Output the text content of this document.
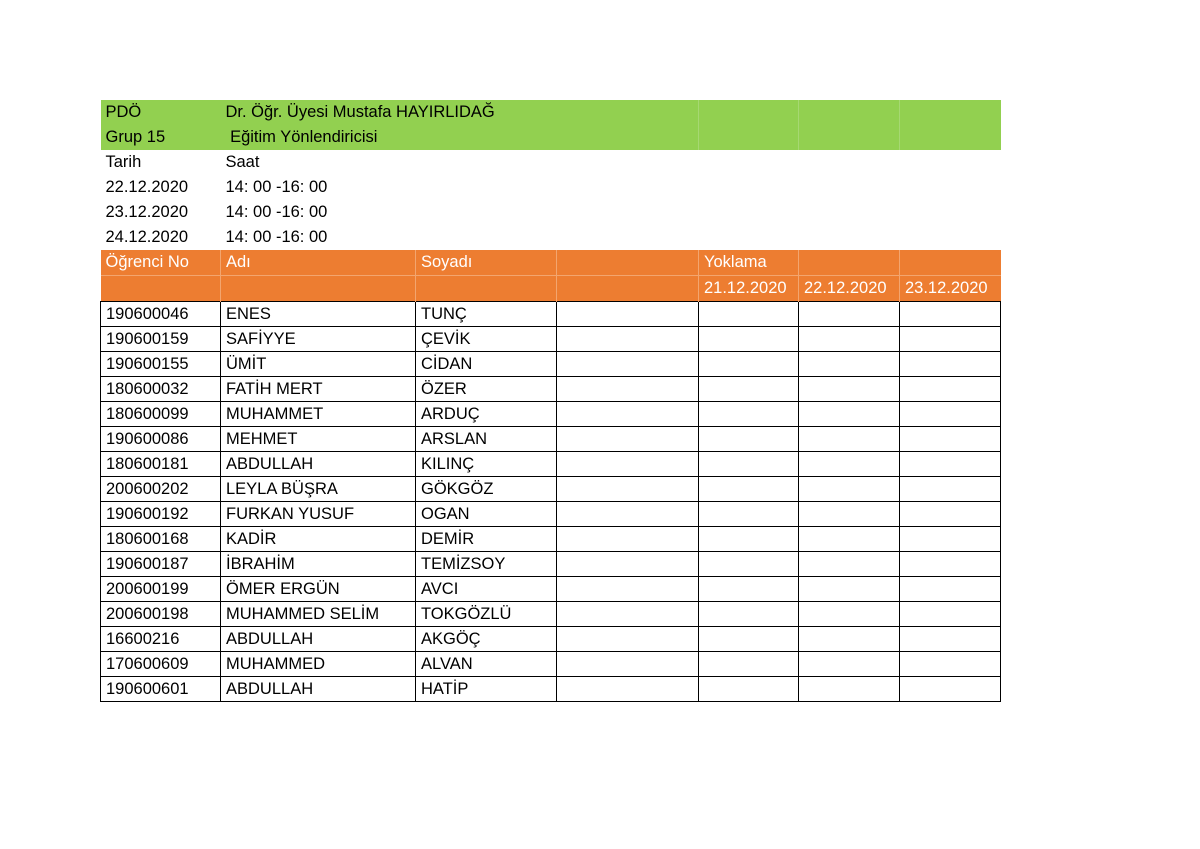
PDÖ	Dr. Öğr. Üyesi Mustafa HAYIRLIDAĞ					
Grup 15	Eğitim Yönlendiricisi					
Tarih	Saat					
22.12.2020	14: 00 -16: 00					
23.12.2020	14: 00 -16: 00					
24.12.2020	14: 00 -16: 00					
Öğrenci No	Adı	Soyadı		Yoklama		
				21.12.2020	22.12.2020	23.12.2020
190600046	ENES	TUNÇ				
190600159	SAFİYYE	ÇEVİK				
190600155	ÜMİT	CİDAN				
180600032	FATİH MERT	ÖZER				
180600099	MUHAMMET	ARDUÇ				
190600086	MEHMET	ARSLAN				
180600181	ABDULLAH	KILINÇ				
200600202	LEYLA BÜŞRA	GÖKGÖZ				
190600192	FURKAN YUSUF	OGAN				
180600168	KADİR	DEMİR				
190600187	İBRAHİM	TEMİZSOY				
200600199	ÖMER ERGÜN	AVCI				
200600198	MUHAMMED SELİM	TOKGÖZLÜ				
16600216	ABDULLAH	AKGÖÇ				
170600609	MUHAMMED	ALVAN				
190600601	ABDULLAH	HATİP				
